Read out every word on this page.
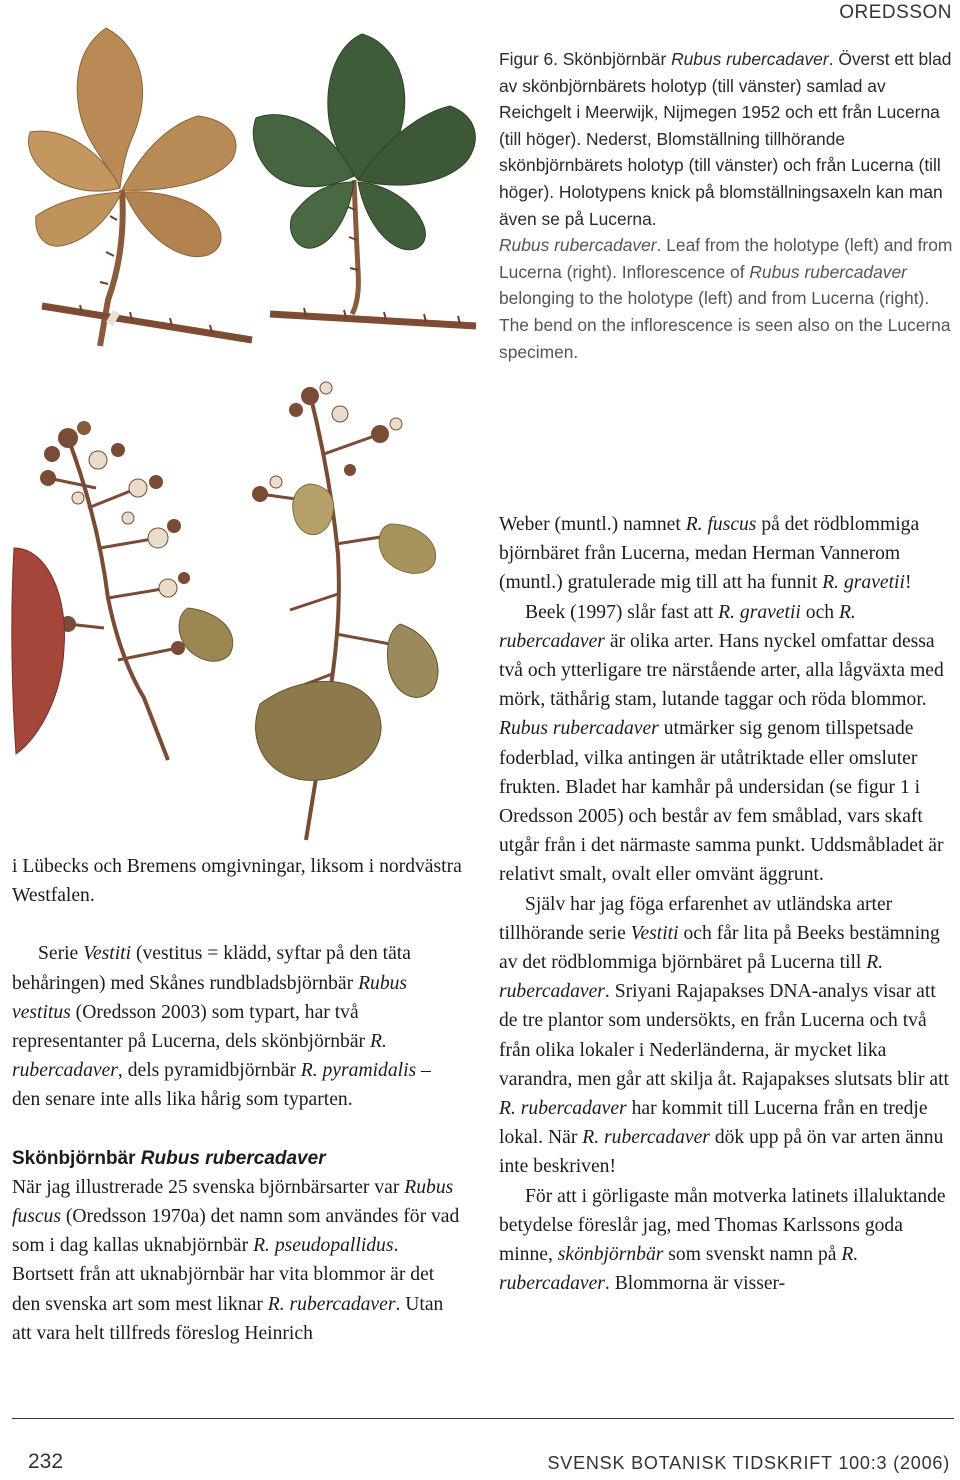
OREDSSON

Figur 6. Skönbjörnbär Rubus rubercadaver. Överst ett blad av skönbjörnbärets holotyp (till vänster) samlad av Reichgelt i Meerwijk, Nijmegen 1952 och ett från Lucerna (till höger). Nederst, Blomställning tillhörande skönbjörnbärets holotyp (till vänster) och från Lucerna (till höger). Holotypens knick på blomställningsaxeln kan man även se på Lucerna.

Rubus rubercadaver. Leaf from the holotype (left) and from Lucerna (right). Inflorescence of Rubus rubercadaver belonging to the holotype (left) and from Lucerna (right). The bend on the inflorescence is seen also on the Lucerna specimen.

i Lübecks och Bremens omgivningar, liksom i nordvästra Westfalen.

Serie Vestiti (vestitus = klädd, syftar på den täta behåringen) med Skånes rundbladsbjörnbär Rubus vestitus (Oredsson 2003) som typart, har två representanter på Lucerna, dels skönbjörnbär R. rubercadaver, dels pyramidbjörnbär R. pyramidalis – den senare inte alls lika hårig som typarten.

Skönbjörnbär Rubus rubercadaver

När jag illustrerade 25 svenska björnbärsarter var Rubus fuscus (Oredsson 1970a) det namn som användes för vad som i dag kallas uknabjörnbär R. pseudopallidus. Bortsett från att uknabjörnbär har vita blommor är det den svenska art som mest liknar R. rubercadaver. Utan att vara helt tillfreds föreslog Heinrich

Weber (muntl.) namnet R. fuscus på det rödblommiga björnbäret från Lucerna, medan Herman Vannerom (muntl.) gratulerade mig till att ha funnit R. gravetii!

Beek (1997) slår fast att R. gravetii och R. rubercadaver är olika arter. Hans nyckel omfattar dessa två och ytterligare tre närstående arter, alla lågväxta med mörk, täthårig stam, lutande taggar och röda blommor. Rubus rubercadaver utmärker sig genom tillspetsade foderblad, vilka antingen är utåtriktade eller omsluter frukten. Bladet har kamhår på undersidan (se figur 1 i Oredsson 2005) och består av fem småblad, vars skaft utgår från i det närmaste samma punkt. Uddsmåbladet är relativt smalt, ovalt eller omvänt äggrunt.

Själv har jag föga erfarenhet av utländska arter tillhörande serie Vestiti och får lita på Beeks bestämning av det rödblommiga björnbäret på Lucerna till R. rubercadaver. Sriyani Rajapakses DNA-analys visar att de tre plantor som undersökts, en från Lucerna och två från olika lokaler i Nederländerna, är mycket lika varandra, men går att skilja åt. Rajapakses slutsats blir att R. rubercadaver har kommit till Lucerna från en tredje lokal. När R. rubercadaver dök upp på ön var arten ännu inte beskriven!

För att i görligaste mån motverka latinets illaluktande betydelse föreslår jag, med Thomas Karlssons goda minne, skönbjörnbär som svenskt namn på R. rubercadaver. Blommorna är visser-

232	SVENSK BOTANISK TIDSKRIFT 100:3 (2006)
